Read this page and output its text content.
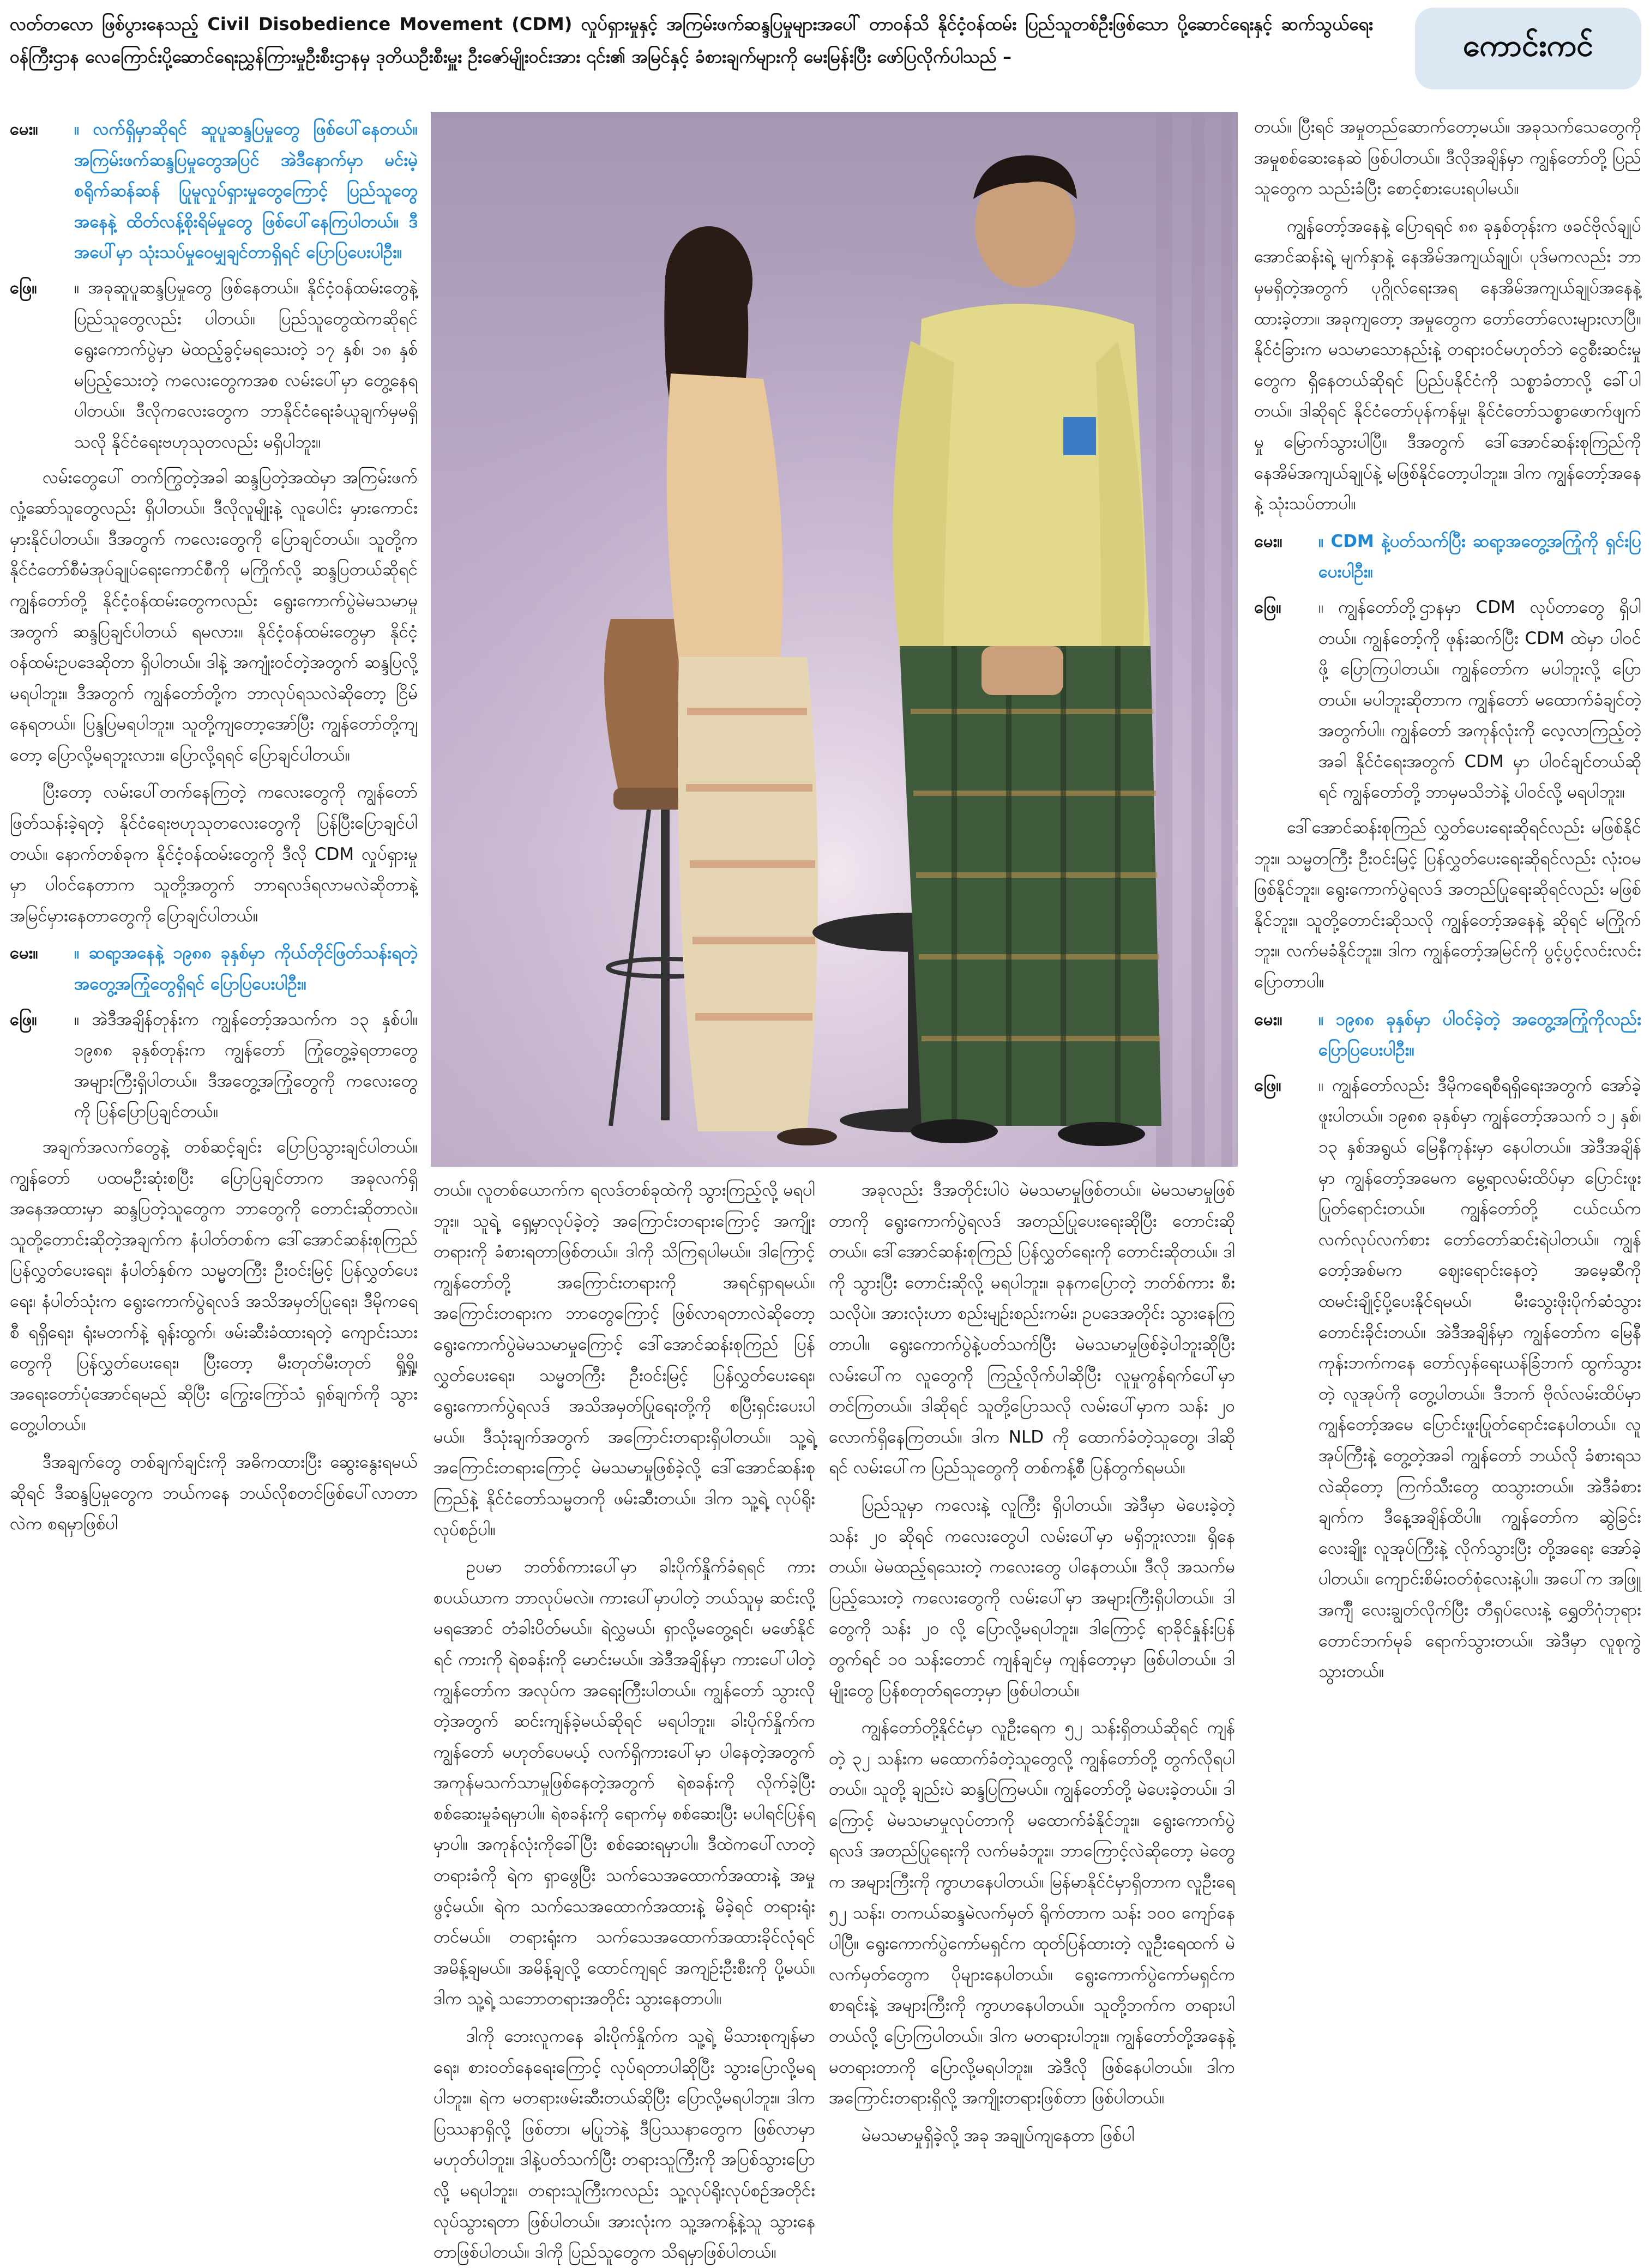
လတ်တလော ဖြစ်ပွားနေသည့် Civil Disobedience Movement (CDM) လှုပ်ရှားမှုနှင့် အကြမ်းဖက်ဆန္ဒပြမှုများအပေါ် တာဝန်သိ နိုင်ငံ့ဝန်ထမ်း ပြည်သူတစ်ဦးဖြစ်သော ပို့ဆောင်ရေးနှင့် ဆက်သွယ်ရေးဝန်ကြီးဌာန လေကြောင်းပို့ဆောင်ရေးညွှန်ကြားမှုဦးစီးဌာနမှ ဒုတိယဦးစီးမှူး ဦးဇော်မျိုးဝင်းအား ၎င်း၏ အမြင်နှင့် ခံစားချက်များကို မေးမြန်းပြီး ဖော်ပြလိုက်ပါသည် –	ကောင်းကင်
မေး။	။ လက်ရှိမှာဆိုရင် ဆူပူဆန္ဒပြမှုတွေ ဖြစ်ပေါ်နေတယ်။ အကြမ်းဖက်ဆန္ဒပြမှုတွေအပြင် အဲဒီနောက်မှာ မင်းမဲ့စရိုက်ဆန်ဆန် ပြုမူလှုပ်ရှားမှုတွေကြောင့် ပြည်သူတွေအနေနဲ့ ထိတ်လန့်စိုးရိမ်မှုတွေ ဖြစ်ပေါ်နေကြပါတယ်။ ဒီအပေါ်မှာ သုံးသပ်မှုဝေမျှချင်တာရှိရင် ပြောပြပေးပါဦး။
ဖြေ။	။ အခုဆူပူဆန္ဒပြမှုတွေ ဖြစ်နေတယ်။ နိုင်ငံ့ဝန်ထမ်းတွေနဲ့ ပြည်သူတွေလည်း ပါတယ်။ ပြည်သူတွေထဲကဆိုရင် ရွေးကောက်ပွဲမှာ မဲထည့်ခွင့်မရသေးတဲ့ ၁၇ နှစ်၊ ၁၈ နှစ် မပြည့်သေးတဲ့ ကလေးတွေကအစ လမ်းပေါ်မှာ တွေ့နေရပါတယ်။ ဒီလိုကလေးတွေက ဘာနိုင်ငံရေးခံယူချက်မှမရှိသလို နိုင်ငံရေးဗဟုသုတလည်း မရှိပါဘူး။

လမ်းတွေပေါ် တက်ကြွတဲ့အခါ ဆန္ဒပြတဲ့အထဲမှာ အကြမ်းဖက်လှုံ့ဆော်သူတွေလည်း ရှိပါတယ်။ ဒီလိုလူမျိုးနဲ့ လူပေါင်း မှားကောင်းမှားနိုင်ပါတယ်။ ဒီအတွက် ကလေးတွေကို ပြောချင်တယ်။ သူတို့က နိုင်ငံတော်စီမံအုပ်ချုပ်ရေးကောင်စီကို မကြိုက်လို့ ဆန္ဒပြတယ်ဆိုရင် ကျွန်တော်တို့ နိုင်ငံ့ဝန်ထမ်းတွေကလည်း ရွေးကောက်ပွဲမဲမသမာမှုအတွက် ဆန္ဒပြချင်ပါတယ် ရမလား။ နိုင်ငံ့ဝန်ထမ်းတွေမှာ နိုင်ငံ့ဝန်ထမ်းဥပဒေဆိုတာ ရှိပါတယ်။ ဒါနဲ့ အကျုံးဝင်တဲ့အတွက် ဆန္ဒပြလို့မရပါဘူး။ ဒီအတွက် ကျွန်တော်တို့က ဘာလုပ်ရသလဲဆိုတော့ ငြိမ်နေရတယ်။ ပြန္ဒပြမရပါဘူး။ သူတို့ကျတော့အော်ပြီး ကျွန်တော်တို့ကျတော့ ပြောလို့မရဘူးလား။ ပြောလို့ရရင် ပြောချင်ပါတယ်။

ပြီးတော့ လမ်းပေါ်တက်နေကြတဲ့ ကလေးတွေကို ကျွန်တော် ဖြတ်သန်းခဲ့ရတဲ့ နိုင်ငံရေးဗဟုသုတလေးတွေကို ပြန်ပြီးပြောချင်ပါတယ်။ နောက်တစ်ခုက နိုင်ငံ့ဝန်ထမ်းတွေကို ဒီလို CDM လှုပ်ရှားမှုမှာ ပါဝင်နေတာက သူတို့အတွက် ဘာရလဒ်ရလာမလဲဆိုတာနဲ့ အမြင်မှားနေတာတွေကို ပြောချင်ပါတယ်။

မေး။	။ ဆရာ့အနေနဲ့ ၁၉၈၈ ခုနှစ်မှာ ကိုယ်တိုင်ဖြတ်သန်းရတဲ့ အတွေ့အကြုံတွေရှိရင် ပြောပြပေးပါဦး။
ဖြေ။	။ အဲဒီအချိန်တုန်းက ကျွန်တော့်အသက်က ၁၃ နှစ်ပါ။ ၁၉၈၈ ခုနှစ်တုန်းက ကျွန်တော် ကြုံတွေ့ခဲ့ရတာတွေ အများကြီးရှိပါတယ်။ ဒီအတွေ့အကြုံတွေကို ကလေးတွေကို ပြန်ပြောပြချင်တယ်။

အချက်အလက်တွေနဲ့ တစ်ဆင့်ချင်း ပြောပြသွားချင်ပါတယ်။ ကျွန်တော် ပထမဦးဆုံးစပြီး ပြောပြချင်တာက အခုလက်ရှိအနေအထားမှာ ဆန္ဒပြတဲ့သူတွေက ဘာတွေကို တောင်းဆိုတာလဲ။ သူတို့တောင်းဆိုတဲ့အချက်က နံပါတ်တစ်က ဒေါ်အောင်ဆန်းစုကြည် ပြန်လွှတ်ပေးရေး၊ နံပါတ်နှစ်က သမ္မတကြီး ဦးဝင်းမြင့် ပြန်လွှတ်ပေးရေး၊ နံပါတ်သုံးက ရွေးကောက်ပွဲရလဒ် အသိအမှတ်ပြုရေး၊ ဒီမိုကရေစီ ရရှိရေး၊ ရုံးမတက်နဲ့ ရုန်းထွက်၊ ဖမ်းဆီးခံထားရတဲ့ ကျောင်းသားတွေကို ပြန်လွှတ်ပေးရေး၊ ပြီးတော့ မီးတုတ်မီးတုတ် ရှို့ရှို့၊ အရေးတော်ပုံအောင်ရမည် ဆိုပြီး ကြွေးကြော်သံ ရှစ်ချက်ကို သွားတွေ့ပါတယ်။

ဒီအချက်တွေ တစ်ချက်ချင်းကို အဓိကထားပြီး ဆွေးနွေးရမယ်ဆိုရင် ဒီဆန္ဒပြမှုတွေက ဘယ်ကနေ ဘယ်လိုစတင်ဖြစ်ပေါ်လာတာလဲက စရမှာဖြစ်ပါ

တယ်။ လူတစ်ယောက်က ရလဒ်တစ်ခုထဲကို သွားကြည့်လို့ မရပါဘူး။ သူရဲ့ ရှေ့မှာလုပ်ခဲ့တဲ့ အကြောင်းတရားကြောင့် အကျိုးတရားကို ခံစားရတာဖြစ်တယ်။ ဒါကို သိကြရပါမယ်။ ဒါကြောင့် ကျွန်တော်တို့ အကြောင်းတရားကို အရင်ရှာရမယ်။ အကြောင်းတရားက ဘာတွေကြောင့် ဖြစ်လာရတာလဲဆိုတော့ ရွေးကောက်ပွဲမဲမသမာမှုကြောင့် ဒေါ်အောင်ဆန်းစုကြည် ပြန်လွှတ်ပေးရေး၊ သမ္မတကြီး ဦးဝင်းမြင့် ပြန်လွှတ်ပေးရေး၊ ရွေးကောက်ပွဲရလဒ် အသိအမှတ်ပြုရေးတို့ကို စပြီးရှင်းပေးပါမယ်။ ဒီသုံးချက်အတွက် အကြောင်းတရားရှိပါတယ်။ သူ့ရဲ့အကြောင်းတရားကြောင့် မဲမသမာမှုဖြစ်ခဲ့လို့ ဒေါ်အောင်ဆန်းစုကြည်နဲ့ နိုင်ငံတော်သမ္မတကို ဖမ်းဆီးတယ်။ ဒါက သူ့ရဲ့ လုပ်ရိုးလုပ်စဉ်ပါ။

ဥပမာ ဘတ်စ်ကားပေါ်မှာ ခါးပိုက်နှိုက်ခံရရင် ကားစပယ်ယာက ဘာလုပ်မလဲ။ ကားပေါ်မှာပါတဲ့ ဘယ်သူမှ ဆင်းလို့မရအောင် တံခါးပိတ်မယ်။ ရဲလွှမယ်၊ ရှာလို့မတွေ့ရင်၊ မဖော်နိုင်ရင် ကားကို ရဲစခန်းကို မောင်းမယ်။ အဲဒီအချိန်မှာ ကားပေါ်ပါတဲ့ ကျွန်တော်က အလုပ်က အရေးကြီးပါတယ်။ ကျွန်တော် သွားလိုတဲ့အတွက် ဆင်းကျန်ခဲ့မယ်ဆိုရင် မရပါဘူး။ ခါးပိုက်နှိုက်က ကျွန်တော် မဟုတ်ပေမယ့် လက်ရှိကားပေါ်မှာ ပါနေတဲ့အတွက် အကုန်မသက်သာမှုဖြစ်နေတဲ့အတွက် ရဲစခန်းကို လိုက်ခဲ့ပြီး စစ်ဆေးမှုခံရမှာပါ။ ရဲစခန်းကို ရောက်မှ စစ်ဆေးပြီး မပါရင်ပြန်ရမှာပါ။ အကုန်လုံးကိုခေါ်ပြီး စစ်ဆေးရမှာပါ။ ဒီထဲကပေါ်လာတဲ့ တရားခံကို ရဲက ရှာဖွေပြီး သက်သေအထောက်အထားနဲ့ အမှုဖွင့်မယ်။ ရဲက သက်သေအထောက်အထားနဲ့ မိခဲ့ရင် တရားရုံးတင်မယ်။ တရားရုံးက သက်သေအထောက်အထားခိုင်လုံရင် အမိန့်ချမယ်။ အမိန့်ချလို့ ထောင်ကျရင် အကျဉ်းဦးစီးကို ပို့မယ်။ ဒါက သူ့ရဲ့ သဘောတရားအတိုင်း သွားနေတာပါ။

ဒါကို ဘေးလူကနေ ခါးပိုက်နှိုက်က သူ့ရဲ့ မိသားစုကျန်မာရေး၊ စားဝတ်နေရေးကြောင့် လုပ်ရတာပါဆိုပြီး သွားပြောလို့မရပါဘူး။ ရဲက မတရားဖမ်းဆီးတယ်ဆိုပြီး ပြောလို့မရပါဘူး။ ဒါက ပြဿနာရှိလို့ ဖြစ်တာ၊ မပြုဘဲနဲ့ ဒီပြဿနာတွေက ဖြစ်လာမှာမဟုတ်ပါဘူး။ ဒါနဲ့ပတ်သက်ပြီး တရားသူကြီးကို အပြစ်သွားပြောလို့ မရပါဘူး။ တရားသူကြီးကလည်း သူ့လုပ်ရိုးလုပ်စဉ်အတိုင်း လုပ်သွားရတာ ဖြစ်ပါတယ်။ အားလုံးက သူ့အကန့်နဲ့သူ သွားနေတာဖြစ်ပါတယ်။ ဒါကို ပြည်သူတွေက သိရမှာဖြစ်ပါတယ်။

အခုလည်း ဒီအတိုင်းပါပဲ မဲမသမာမှုဖြစ်တယ်။ မဲမသမာမှုဖြစ်တာကို ရွေးကောက်ပွဲရလဒ် အတည်ပြုပေးရေးဆိုပြီး တောင်းဆိုတယ်။ ဒေါ်အောင်ဆန်းစုကြည် ပြန်လွှတ်ရေးကို တောင်းဆိုတယ်။ ဒါကို သွားပြီး တောင်းဆိုလို့ မရပါဘူး။ ခုနကပြောတဲ့ ဘတ်စ်ကား စီးသလိုပဲ။ အားလုံးဟာ စည်းမျဉ်းစည်းကမ်း၊ ဥပဒေအတိုင်း သွားနေကြတာပါ။ ရွေးကောက်ပွဲနဲ့ပတ်သက်ပြီး မဲမသမာမှုဖြစ်ခဲ့ပါဘူးဆိုပြီး လမ်းပေါ်က လူတွေကို ကြည့်လိုက်ပါဆိုပြီး လူမှုကွန်ရက်ပေါ်မှာ တင်ကြတယ်။ ဒါဆိုရင် သူတို့ပြောသလို လမ်းပေါ်မှာက သန်း ၂၀ လောက်ရှိနေကြတယ်။ ဒါက NLD ကို ထောက်ခံတဲ့သူတွေ၊ ဒါဆိုရင် လမ်းပေါ်က ပြည်သူတွေကို တစ်ကန့်စီ ပြန်တွက်ရမယ်။

ပြည်သူမှာ ကလေးနဲ့ လူကြီး ရှိပါတယ်။ အဲဒီမှာ မဲပေးခဲ့တဲ့ သန်း ၂၀ ဆိုရင် ကလေးတွေပါ လမ်းပေါ်မှာ မရှိဘူးလား။ ရှိနေတယ်။ မဲမထည့်ရသေးတဲ့ ကလေးတွေ ပါနေတယ်။ ဒီလို အသက်မပြည့်သေးတဲ့ ကလေးတွေကို လမ်းပေါ်မှာ အများကြီးရှိပါတယ်။ ဒါတွေကို သန်း ၂၀ လို့ ပြောလို့မရပါဘူး။ ဒါကြောင့် ရာခိုင်နှုန်းပြန်တွက်ရင် ၁၀ သန်းတောင် ကျန်ချင်မှ ကျန်တော့မှာ ဖြစ်ပါတယ်။ ဒါမျိုးတွေ ပြန်စတုတ်ရတော့မှာ ဖြစ်ပါတယ်။

ကျွန်တော်တို့နိုင်ငံမှာ လူဦးရေက ၅၂ သန်းရှိတယ်ဆိုရင် ကျန်တဲ့ ၃၂ သန်းက မထောက်ခံတဲ့သူတွေလို့ ကျွန်တော်တို့ တွက်လိုရပါတယ်။ သူတို့ ချည်းပဲ ဆန္ဒပြကြမယ်။ ကျွန်တော်တို့ မဲပေးခဲ့တယ်။ ဒါကြောင့် မဲမသမာမှုလုပ်တာကို မထောက်ခံနိုင်ဘူး။ ရွေးကောက်ပွဲရလဒ် အတည်ပြုရေးကို လက်မခံဘူး။ ဘာကြောင့်လဲဆိုတော့ မဲတွေက အများကြီးကို ကွာဟနေပါတယ်။ မြန်မာနိုင်ငံမှာရှိတာက လူဦးရေ ၅၂ သန်း၊ တကယ်ဆန္ဒမဲလက်မှတ် ရိုက်တာက သန်း ၁၀၀ ကျော်နေပါပြီ။ ရွေးကောက်ပွဲကော်မရှင်က ထုတ်ပြန်ထားတဲ့ လူဦးရေထက် မဲလက်မှတ်တွေက ပိုများနေပါတယ်။ ရွေးကောက်ပွဲကော်မရှင်က စာရင်းနဲ့ အများကြီးကို ကွာဟနေပါတယ်။ သူတို့ဘက်က တရားပါတယ်လို့ ပြောကြပါတယ်။ ဒါက မတရားပါဘူး။ ကျွန်တော်တို့အနေနဲ့ မတရားတာကို ပြောလို့မရပါဘူး။ အဲဒီလို ဖြစ်နေပါတယ်။ ဒါက အကြောင်းတရားရှိလို့ အကျိုးတရားဖြစ်တာ ဖြစ်ပါတယ်။

မဲမသမာမှုရှိခဲ့လို့ အခု အချုပ်ကျနေတာ ဖြစ်ပါ

တယ်။ ပြီးရင် အမှုတည်ဆောက်တော့မယ်။ အခုသက်သေတွေကို အမှုစစ်ဆေးနေဆဲ ဖြစ်ပါတယ်။ ဒီလိုအချိန်မှာ ကျွန်တော်တို့ ပြည်သူတွေက သည်းခံပြီး စောင့်စားပေးရပါမယ်။

ကျွန်တော့်အနေနဲ့ ပြောရရင် ၈၈ ခုနှစ်တုန်းက ဖခင်ဗိုလ်ချုပ်အောင်ဆန်းရဲ့ မျက်နှာနဲ့ နေအိမ်အကျယ်ချုပ်၊ ပုဒ်မကလည်း ဘာမှမရှိတဲ့အတွက် ပုဂ္ဂိုလ်ရေးအရ နေအိမ်အကျယ်ချုပ်အနေနဲ့ ထားခဲ့တာ။ အခုကျတော့ အမှုတွေက တော်တော်လေးများလာပြီ။ နိုင်ငံခြားက မသမာသောနည်းနဲ့ တရားဝင်မဟုတ်ဘဲ ငွေစီးဆင်းမှုတွေက ရှိနေတယ်ဆိုရင် ပြည်ပနိုင်ငံကို သစ္စာခံတာလို့ ခေါ်ပါတယ်။ ဒါဆိုရင် နိုင်ငံတော်ပုန်ကန်မှု၊ နိုင်ငံတော်သစ္စာဖောက်ဖျက်မှု မြောက်သွားပါပြီ။ ဒီအတွက် ဒေါ်အောင်ဆန်းစုကြည်ကို နေအိမ်အကျယ်ချုပ်နဲ့ မဖြစ်နိုင်တော့ပါဘူး။ ဒါက ကျွန်တော့်အနေနဲ့ သုံးသပ်တာပါ။

မေး။	။ CDM နဲ့ပတ်သက်ပြီး ဆရာ့အတွေ့အကြုံကို ရှင်းပြပေးပါဦး။
ဖြေ။	။ ကျွန်တော်တို့ဌာနမှာ CDM လုပ်တာတွေ ရှိပါတယ်။ ကျွန်တော့်ကို ဖုန်းဆက်ပြီး CDM ထဲမှာ ပါဝင်ဖို့ ပြောကြပါတယ်။ ကျွန်တော်က မပါဘူးလို့ ပြောတယ်။ မပါဘူးဆိုတာက ကျွန်တော် မထောက်ခံချင်တဲ့အတွက်ပါ။ ကျွန်တော် အကုန်လုံးကို လေ့လာကြည့်တဲ့အခါ နိုင်ငံရေးအတွက် CDM မှာ ပါဝင်ချင်တယ်ဆိုရင် ကျွန်တော်တို့ ဘာမှမသိဘဲနဲ့ ပါဝင်လို့ မရပါဘူး။

ဒေါ်အောင်ဆန်းစုကြည် လွှတ်ပေးရေးဆိုရင်လည်း မဖြစ်နိုင်ဘူး။ သမ္မတကြီး ဦးဝင်းမြင့် ပြန်လွှတ်ပေးရေးဆိုရင်လည်း လုံးဝမဖြစ်နိုင်ဘူး။ ရွေးကောက်ပွဲရလဒ် အတည်ပြုရေးဆိုရင်လည်း မဖြစ်နိုင်ဘူး။ သူတို့တောင်းဆိုသလို ကျွန်တော့်အနေနဲ့ ဆိုရင် မကြိုက်ဘူး။ လက်မခံနိုင်ဘူး။ ဒါက ကျွန်တော့်အမြင်ကို ပွင့်ပွင့်လင်းလင်း ပြောတာပါ။

မေး။	။ ၁၉၈၈ ခုနှစ်မှာ ပါဝင်ခဲ့တဲ့ အတွေ့အကြုံကိုလည်း ပြောပြပေးပါဦး။
ဖြေ။	။ ကျွန်တော်လည်း ဒီမိုကရေစီရရှိရေးအတွက် အော်ခဲ့ဖူးပါတယ်။ ၁၉၈၈ ခုနှစ်မှာ ကျွန်တော့်အသက် ၁၂ နှစ်၊ ၁၃ နှစ်အရွယ် မြေနီကုန်းမှာ နေပါတယ်။ အဲဒီအချိန်မှာ ကျွန်တော့်အမေက မွေ့ရာလမ်းထိပ်မှာ ပြောင်းဖူးပြုတ်ရောင်းတယ်။ ကျွန်တော်တို့ ငယ်ငယ်က လက်လုပ်လက်စား တော်တော်ဆင်းရဲပါတယ်။ ကျွန်တော့်အစ်မက ဈေးရောင်းနေတဲ့ အမေ့ဆီကို ထမင်းချိုင့်ပို့ပေးနိုင်ရမယ်၊ မီးသွေးဖိုးပိုက်ဆံသွားတောင်းခိုင်းတယ်။ အဲဒီအချိန်မှာ ကျွန်တော်က မြေနီကုန်းဘက်ကနေ တော်လှန်ရေးယန်ခြံဘက် ထွက်သွားတဲ့ လူအုပ်ကို တွေ့ပါတယ်။ ဒီဘက် ဗိုလ်လမ်းထိပ်မှာ ကျွန်တော့်အမေ ပြောင်းဖူးပြုတ်ရောင်းနေပါတယ်။ လူအုပ်ကြီးနဲ့ တွေ့တဲ့အခါ ကျွန်တော် ဘယ်လို ခံစားရသလဲဆိုတော့ ကြက်သီးတွေ ထသွားတယ်။ အဲဒီခံစားချက်က ဒီနေ့အချိန်ထိပါ။ ကျွန်တော်က ဆွဲခြင်းလေးချိုး လူအုပ်ကြီးနဲ့ လိုက်သွားပြီး တို့အရေး အော်ခဲ့ပါတယ်။ ကျောင်းစိမ်းဝတ်စုံလေးနဲ့ပါ။ အပေါ်က အဖြူအက်ျီ လေးချွတ်လိုက်ပြီး တီရှပ်လေးနဲ့ ရွှေတိဂုံဘုရား တောင်ဘက်မုခ် ရောက်သွားတယ်။ အဲဒီမှာ လူစုကွဲသွားတယ်။
